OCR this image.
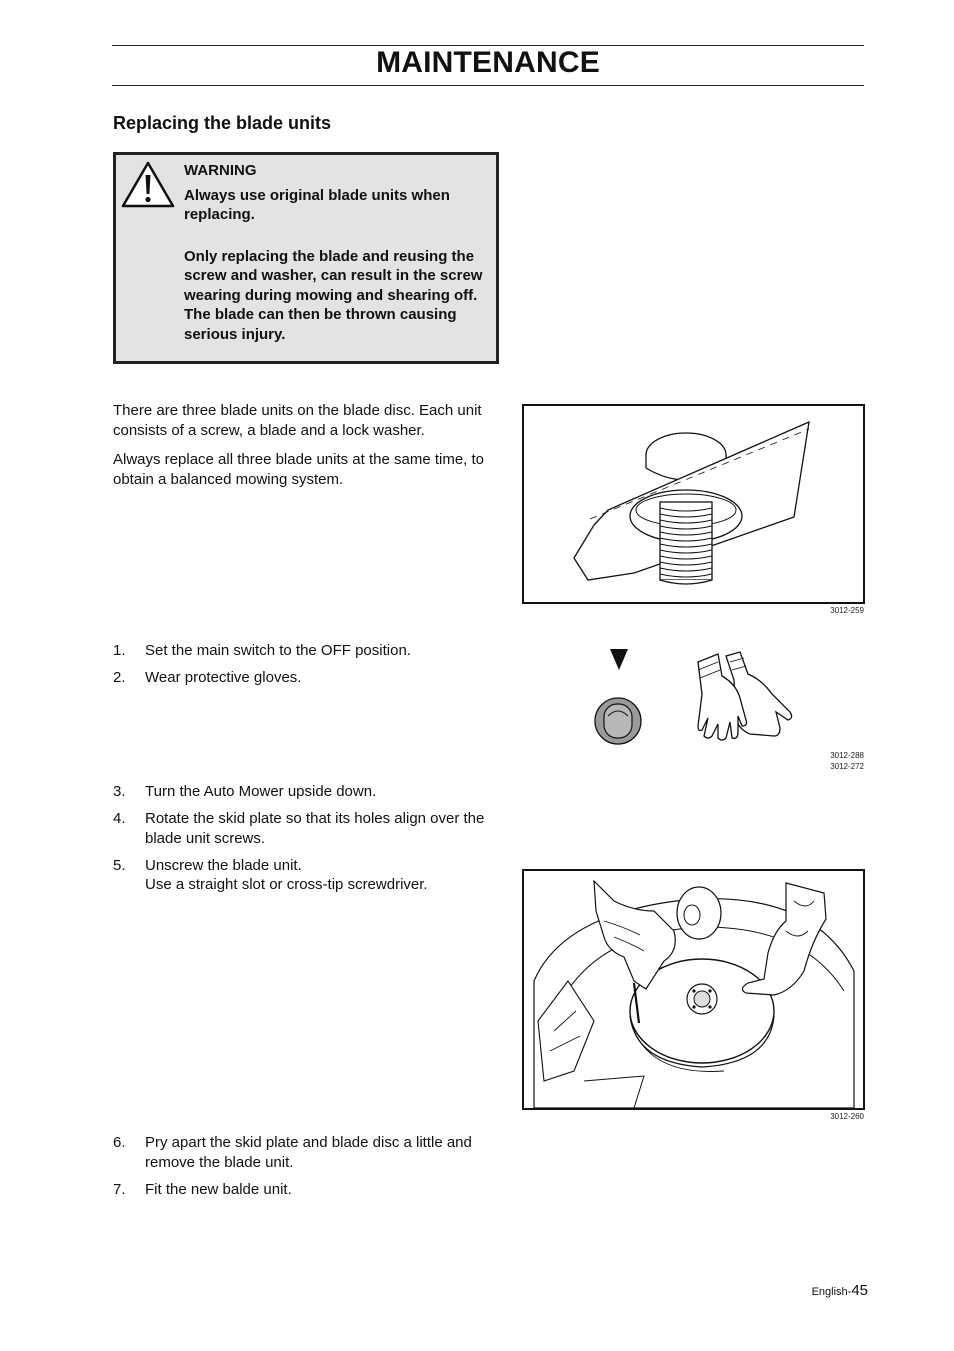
MAINTENANCE
Replacing the blade units

WARNING

Always use original blade units when replacing.

Only replacing the blade and reusing the screw and washer, can result in the screw wearing during mowing and shearing off. The blade can then be thrown causing serious injury.

There are three blade units on the blade disc. Each unit consists of a screw, a blade and a lock washer.

Always replace all three blade units at the same time, to obtain a balanced mowing system.

3012-259
1. Set the main switch to the OFF position.
2. Wear protective gloves.
3012-288
3012-272
3. Turn the Auto Mower upside down.
4. Rotate the skid plate so that its holes align over the blade unit screws.
5. Unscrew the blade unit.
Use a straight slot or cross-tip screwdriver.
3012-260
6. Pry apart the skid plate and blade disc a little and remove the blade unit.
7. Fit the new balde unit.
English-45
